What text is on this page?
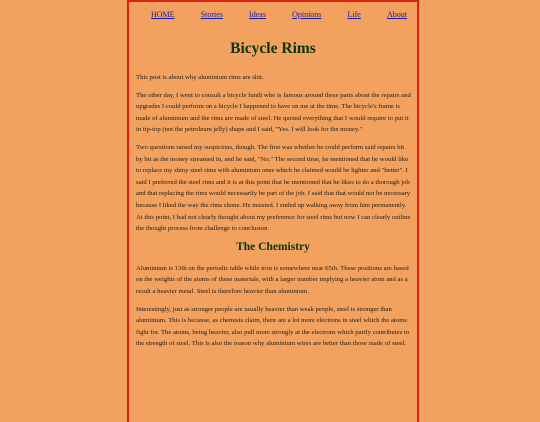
HOME	Stories	Ideas	Opinions	Life	About
Bicycle Rims

This post is about why aluminium rims are shit.

The other day, I went to consult a bicycle fundi who is famous around these parts about the repairs and upgrades I could perform on a bicycle I happened to have on me at the time. The bicycle's frame is made of aluminium and the rims are made of steel. He quoted everything that I would require to put it in tip-top (not the petroleum jelly) shape and I said, "Yes. I will look for the money."

Two questions raised my suspicions, though. The first was whether he could perform said repairs bit by bit as the money streamed in, and he said, "No." The second time, he mentioned that he would like to replace my shiny steel rims with aluminium ones which he claimed would be lighter and "better". I said I preferred the steel rims and it is at this point that he mentioned that he likes to do a thorough job and that replacing the rims would necessarily be part of the job. I said that that would not be necessary because I liked the way the rims shone. He insisted. I ended up walking away from him permanently. At this point, I had not clearly thought about my preference for steel rims but now I can clearly outline the thought process from challenge to conclusion.

The Chemistry

Aluminium is 13th on the periodic table while iron is somewhere near 65th. These positions are based on the weights of the atoms of these materials, with a larger number implying a heavier atom and as a result a heavier metal. Steel is therefore heavier than aluminium.

Interestingly, just as stronger people are usually heavier than weak people, steel is stronger than aluminium. This is because, as chemists claim, there are a lot more electrons in steel which the atoms fight for. The atoms, being heavier, also pull more strongly at the electrons which partly contributes to the strength of steel. This is also the reason why aluminium wires are better than those made of steel.
